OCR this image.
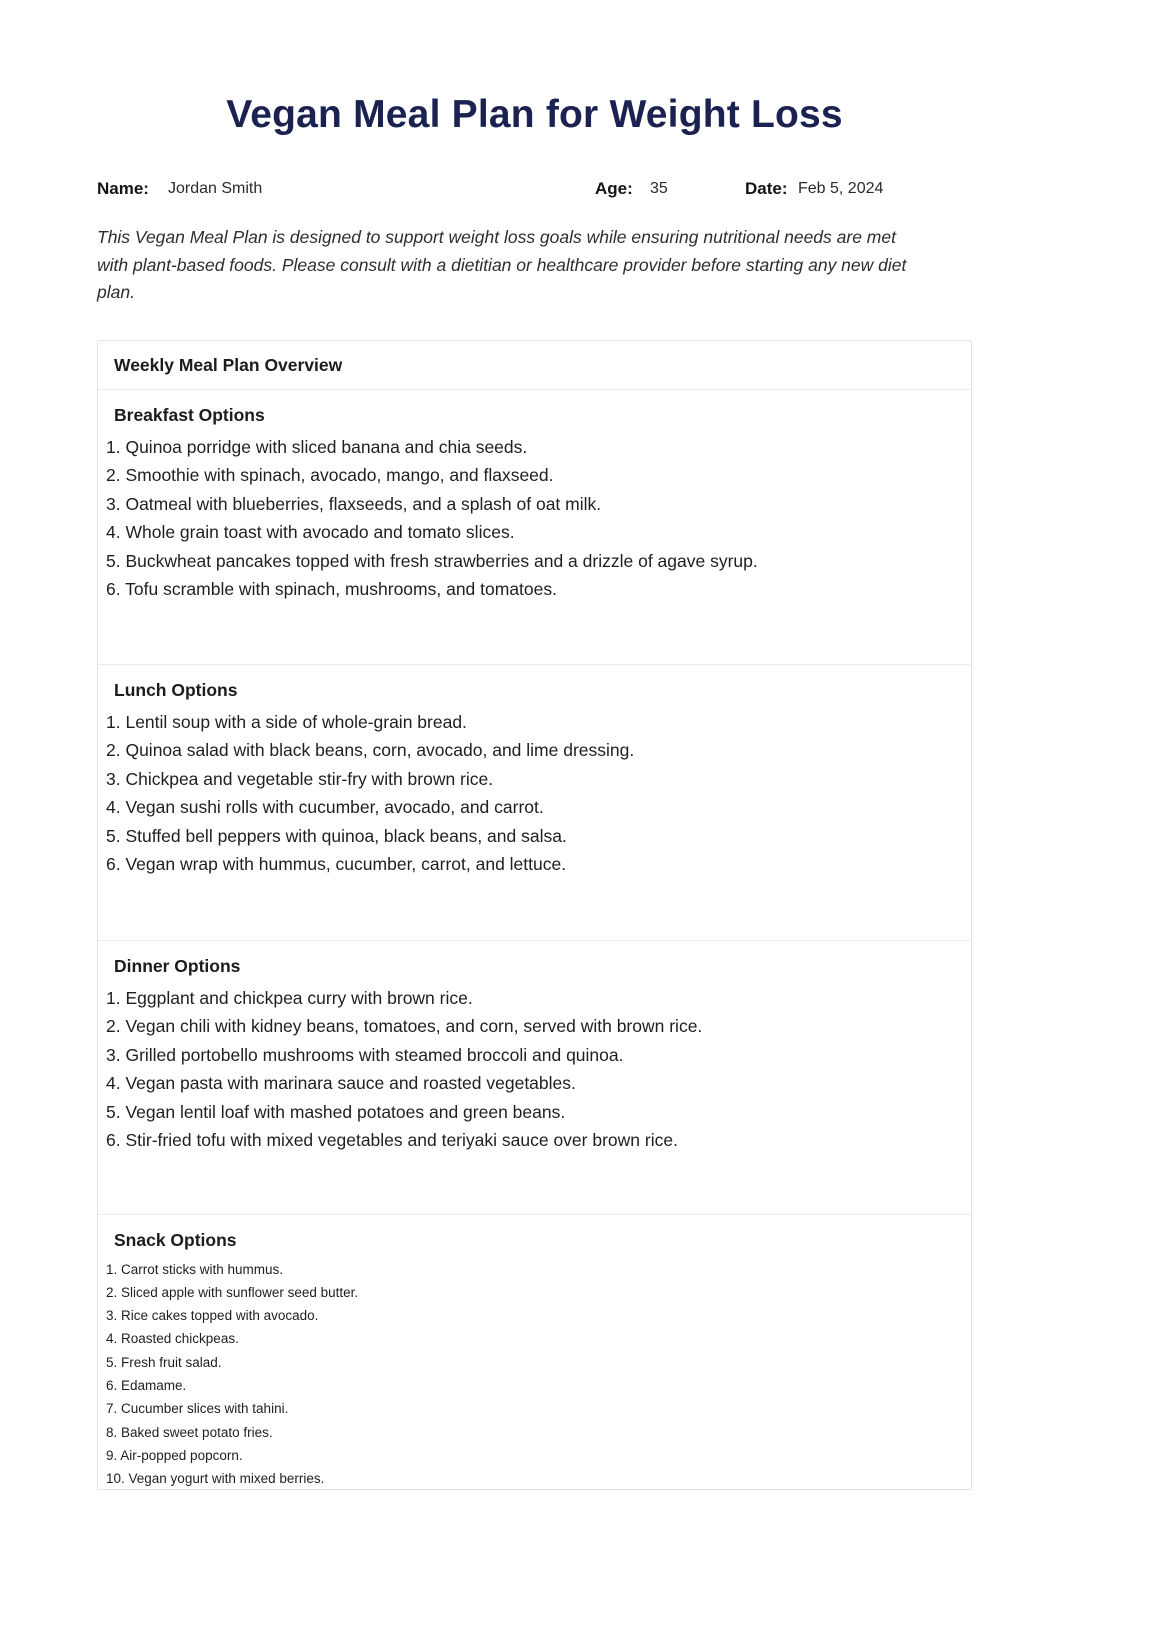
Vegan Meal Plan for Weight Loss
Name: Jordan Smith	Age: 35	Date: Feb 5, 2024

This Vegan Meal Plan is designed to support weight loss goals while ensuring nutritional needs are met with plant-based foods. Please consult with a dietitian or healthcare provider before starting any new diet plan.

Weekly Meal Plan Overview
Breakfast Options
1. Quinoa porridge with sliced banana and chia seeds.
2. Smoothie with spinach, avocado, mango, and flaxseed.
3. Oatmeal with blueberries, flaxseeds, and a splash of oat milk.
4. Whole grain toast with avocado and tomato slices.
5. Buckwheat pancakes topped with fresh strawberries and a drizzle of agave syrup.
6. Tofu scramble with spinach, mushrooms, and tomatoes.
Lunch Options
1. Lentil soup with a side of whole-grain bread.
2. Quinoa salad with black beans, corn, avocado, and lime dressing.
3. Chickpea and vegetable stir-fry with brown rice.
4. Vegan sushi rolls with cucumber, avocado, and carrot.
5. Stuffed bell peppers with quinoa, black beans, and salsa.
6. Vegan wrap with hummus, cucumber, carrot, and lettuce.
Dinner Options
1. Eggplant and chickpea curry with brown rice.
2. Vegan chili with kidney beans, tomatoes, and corn, served with brown rice.
3. Grilled portobello mushrooms with steamed broccoli and quinoa.
4. Vegan pasta with marinara sauce and roasted vegetables.
5. Vegan lentil loaf with mashed potatoes and green beans.
6. Stir-fried tofu with mixed vegetables and teriyaki sauce over brown rice.
Snack Options
1. Carrot sticks with hummus.
2. Sliced apple with sunflower seed butter.
3. Rice cakes topped with avocado.
4. Roasted chickpeas.
5. Fresh fruit salad.
6. Edamame.
7. Cucumber slices with tahini.
8. Baked sweet potato fries.
9. Air-popped popcorn.
10. Vegan yogurt with mixed berries.
